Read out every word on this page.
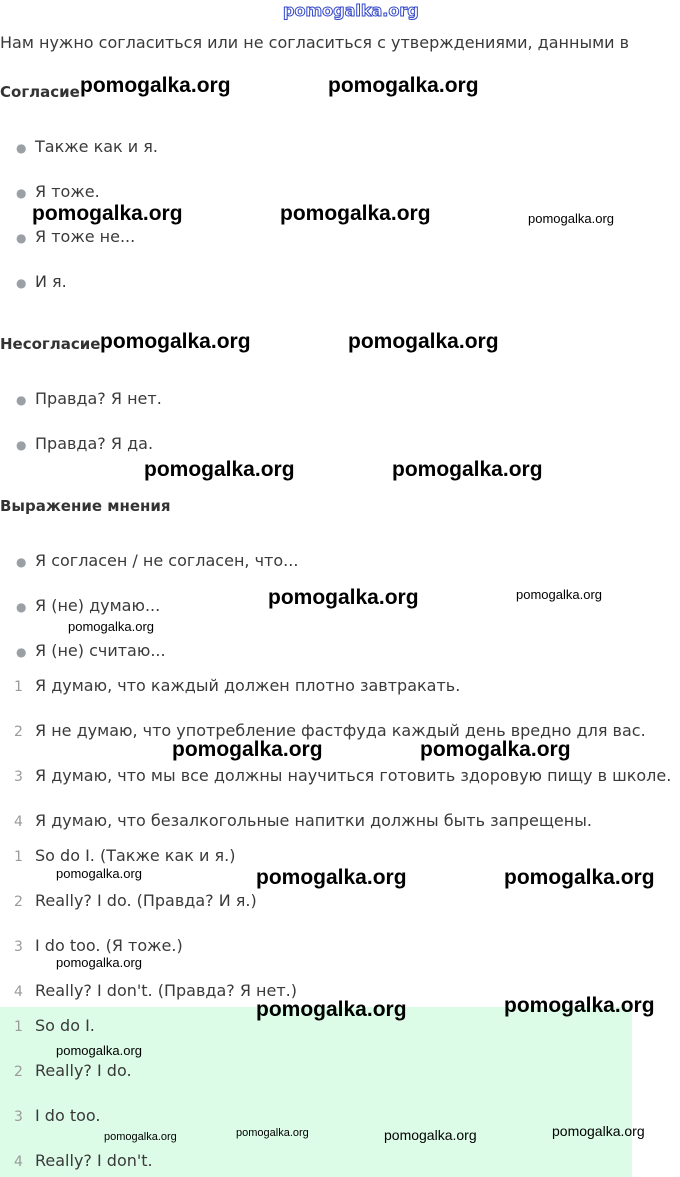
pomogalka.org
Нам нужно согласиться или не согласиться с утверждениями, данными в
Согласие
● Также как и я.
● Я тоже.
● Я тоже не...
● И я.
Несогласие
● Правда? Я нет.
● Правда? Я да.
Выражение мнения
● Я согласен / не согласен, что...
● Я (не) думаю...
● Я (не) считаю...
1 Я думаю, что каждый должен плотно завтракать.
2 Я не думаю, что употребление фастфуда каждый день вредно для вас.
3 Я думаю, что мы все должны научиться готовить здоровую пищу в школе.
4 Я думаю, что безалкогольные напитки должны быть запрещены.
1 So do I. (Также как и я.)
2 Really? I do. (Правда? И я.)
3 I do too. (Я тоже.)
4 Really? I don't. (Правда? Я нет.)
1 So do I.
2 Really? I do.
3 I do too.
4 Really? I don't.
pomogalka.org	pomogalka.org
pomogalka.org	pomogalka.org	pomogalka.org
pomogalka.org	pomogalka.org
pomogalka.org	pomogalka.org
pomogalka.org	pomogalka.org
pomogalka.org
pomogalka.org	pomogalka.org
pomogalka.org	pomogalka.org	pomogalka.org
pomogalka.org
pomogalka.org	pomogalka.org
pomogalka.org
pomogalka.org	pomogalka.org	pomogalka.org	pomogalka.org
